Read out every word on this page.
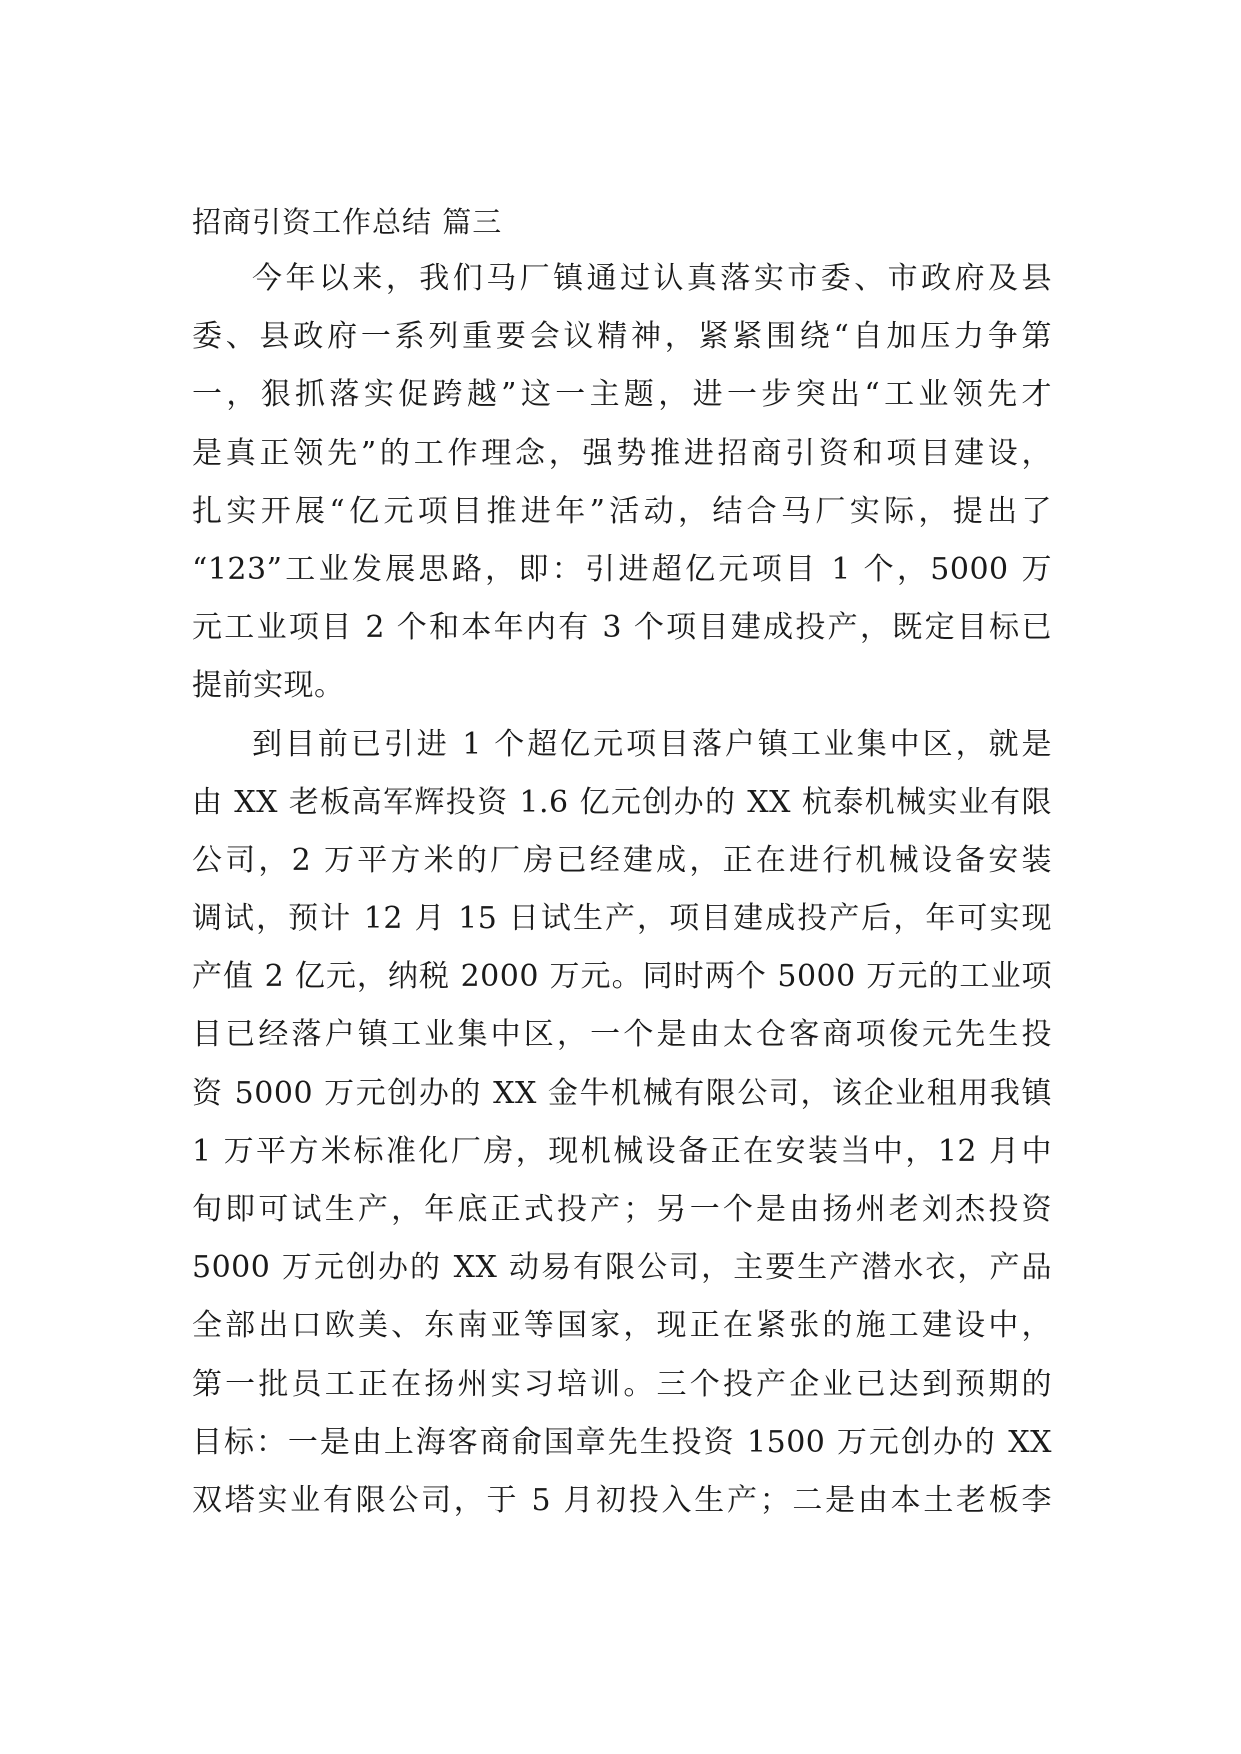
招商引资工作总结 篇三

今年以来，我们马厂镇通过认真落实市委、市政府及县
委、县政府一系列重要会议精神，紧紧围绕“自加压力争第
一，狠抓落实促跨越”这一主题，进一步突出“工业领先才
是真正领先”的工作理念，强势推进招商引资和项目建设，
扎实开展“亿元项目推进年”活动，结合马厂实际，提出了
“123”工业发展思路，即：引进超亿元项目 1 个，5000 万
元工业项目 2 个和本年内有 3 个项目建成投产，既定目标已
提前实现。

到目前已引进 1 个超亿元项目落户镇工业集中区，就是
由 XX 老板高军辉投资 1.6 亿元创办的 XX 杭泰机械实业有限
公司，2 万平方米的厂房已经建成，正在进行机械设备安装
调试，预计 12 月 15 日试生产，项目建成投产后，年可实现
产值 2 亿元，纳税 2000 万元。同时两个 5000 万元的工业项
目已经落户镇工业集中区，一个是由太仓客商项俊元先生投
资 5000 万元创办的 XX 金牛机械有限公司，该企业租用我镇
1 万平方米标准化厂房，现机械设备正在安装当中，12 月中
旬即可试生产，年底正式投产；另一个是由扬州老刘杰投资
5000 万元创办的 XX 动易有限公司，主要生产潜水衣，产品
全部出口欧美、东南亚等国家，现正在紧张的施工建设中，
第一批员工正在扬州实习培训。三个投产企业已达到预期的
目标：一是由上海客商俞国章先生投资 1500 万元创办的 XX
双塔实业有限公司，于 5 月初投入生产；二是由本土老板李
